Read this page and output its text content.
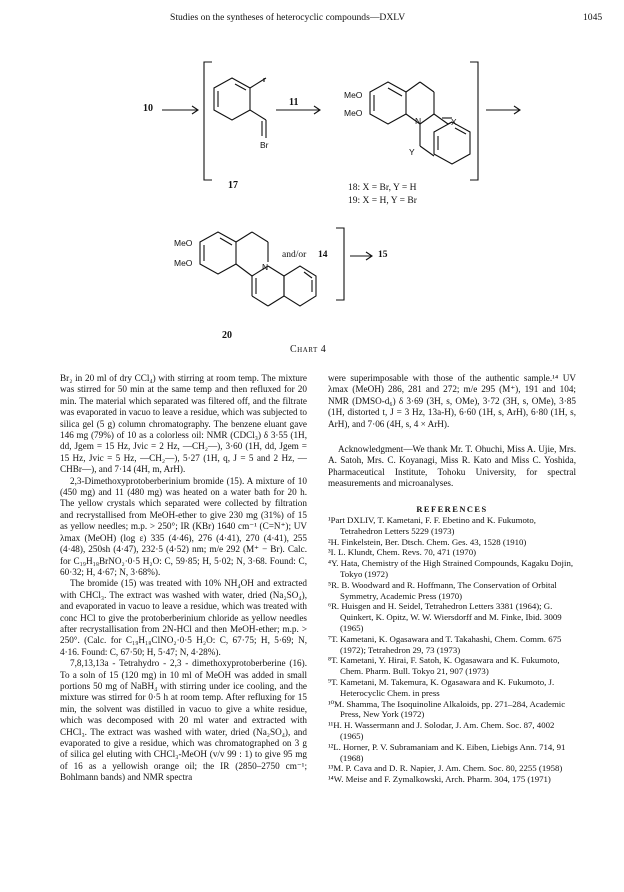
Studies on the syntheses of heterocyclic compounds—DXLV	1045
10
11
Br
17
MeO
MeO
N	X
Y
18: X = Br, Y = H
19: X = H, Y = Br
MeO
MeO	N
and/or 14	15
20
Chart 4

Br₂ in 20 ml of dry CCl₄) with stirring at room temp. The mixture was stirred for 50 min at the same temp and then refluxed for 20 min. The material which separated was filtered off, and the filtrate was evaporated in vacuo to leave a residue, which was subjected to silica gel (5 g) column chromatography. The benzene eluant gave 146 mg (79%) of 10 as a colorless oil: NMR (CDCl₃) δ 3·55 (1H, dd, Jgem = 15 Hz, Jvic = 2 Hz, —CH₂—), 3·60 (1H, dd, Jgem = 15 Hz, Jvic = 5 Hz, —CH₂—), 5·27 (1H, q, J = 5 and 2 Hz, —CHBr—), and 7·14 (4H, m, ArH).

2,3-Dimethoxyprotoberberinium bromide (15). A mixture of 10 (450 mg) and 11 (480 mg) was heated on a water bath for 20 h. The yellow crystals which separated were collected by filtration and recrystallised from MeOH-ether to give 230 mg (31%) of 15 as yellow needles; m.p. > 250°; IR (KBr) 1640 cm⁻¹ (C=N⁺); UV λmax (MeOH) (log ε) 335 (4·46), 276 (4·41), 270 (4·41), 255 (4·48), 250sh (4·47), 232·5 (4·52) nm; m/e 292 (M⁺ − Br). Calc. for C₁₉H₁₈BrNO₂·0·5 H₂O: C, 59·85; H, 5·02; N, 3·68. Found: C, 60·32; H, 4·67; N, 3·68%).

The bromide (15) was treated with 10% NH₄OH and extracted with CHCl₃. The extract was washed with water, dried (Na₂SO₄), and evaporated in vacuo to leave a residue, which was treated with conc HCl to give the protoberberinium chloride as yellow needles after recrystallisation from 2N-HCl and then MeOH-ether; m.p. > 250°. (Calc. for C₁₉H₁₈ClNO₂·0·5 H₂O: C, 67·75; H, 5·69; N, 4·16. Found: C, 67·50; H, 5·47; N, 4·28%).

7,8,13,13a - Tetrahydro - 2,3 - dimethoxyprotoberberine (16). To a soln of 15 (120 mg) in 10 ml of MeOH was added in small portions 50 mg of NaBH₄ with stirring under ice cooling, and the mixture was stirred for 0·5 h at room temp. After refluxing for 15 min, the solvent was distilled in vacuo to give a white residue, which was decomposed with 20 ml water and extracted with CHCl₃. The extract was washed with water, dried (Na₂SO₄), and evaporated to give a residue, which was chromatographed on 3 g of silica gel eluting with CHCl₃-MeOH (v/v 99 : 1) to give 95 mg of 16 as a yellowish orange oil; the IR (2850–2750 cm⁻¹; Bohlmann bands) and NMR spectra

were superimposable with those of the authentic sample.¹⁴ UV λmax (MeOH) 286, 281 and 272; m/e 295 (M⁺), 191 and 104; NMR (DMSO-d₆) δ 3·69 (3H, s, OMe), 3·72 (3H, s, OMe), 3·85 (1H, distorted t, J = 3 Hz, 13a-H), 6·60 (1H, s, ArH), 6·80 (1H, s, ArH), and 7·06 (4H, s, 4 × ArH).

Acknowledgment—We thank Mr. T. Ohuchi, Miss A. Ujie, Mrs. A. Satoh, Mrs. C. Koyanagi, Miss R. Kato and Miss C. Yoshida, Pharmaceutical Institute, Tohoku University, for spectral measurements and microanalyses.

REFERENCES

¹Part DXLIV, T. Kametani, F. F. Ebetino and K. Fukumoto, Tetrahedron Letters 5229 (1973)

²H. Finkelstein, Ber. Dtsch. Chem. Ges. 43, 1528 (1910)

³I. L. Klundt, Chem. Revs. 70, 471 (1970)

⁴Y. Hata, Chemistry of the High Strained Compounds, Kagaku Dojin, Tokyo (1972)

⁵R. B. Woodward and R. Hoffmann, The Conservation of Orbital Symmetry, Academic Press (1970)

⁶R. Huisgen and H. Seidel, Tetrahedron Letters 3381 (1964); G. Quinkert, K. Opitz, W. W. Wiersdorff and M. Finke, Ibid. 3009 (1965)

⁷T. Kametani, K. Ogasawara and T. Takahashi, Chem. Comm. 675 (1972); Tetrahedron 29, 73 (1973)

⁸T. Kametani, Y. Hirai, F. Satoh, K. Ogasawara and K. Fukumoto, Chem. Pharm. Bull. Tokyo 21, 907 (1973)

⁹T. Kametani, M. Takemura, K. Ogasawara and K. Fukumoto, J. Heterocyclic Chem. in press

¹⁰M. Shamma, The Isoquinoline Alkaloids, pp. 271–284, Academic Press, New York (1972)

¹¹H. H. Wassermann and J. Solodar, J. Am. Chem. Soc. 87, 4002 (1965)

¹²L. Horner, P. V. Subramaniam and K. Eiben, Liebigs Ann. 714, 91 (1968)

¹³M. P. Cava and D. R. Napier, J. Am. Chem. Soc. 80, 2255 (1958)

¹⁴W. Meise and F. Zymalkowski, Arch. Pharm. 304, 175 (1971)
